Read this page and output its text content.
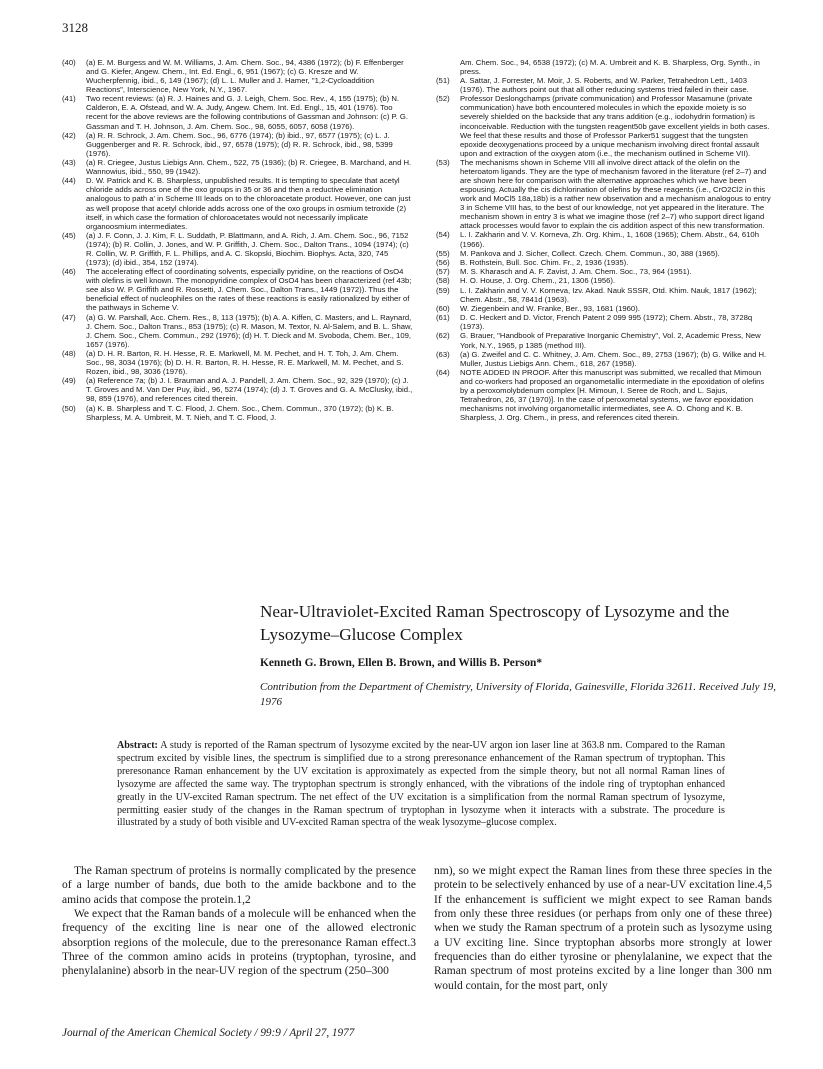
3128
(40) (a) E. M. Burgess and W. M. Williams, J. Am. Chem. Soc., 94, 4386 (1972); (b) F. Effenberger and G. Kiefer, Angew. Chem., Int. Ed. Engl., 6, 951 (1967); (c) G. Kresze and W. Wucherpfennig, ibid., 6, 149 (1967); (d) L. L. Muller and J. Hamer, "1,2-Cycloaddition Reactions", Interscience, New York, N.Y., 1967.
(41) Two recent reviews: (a) R. J. Haines and G. J. Leigh, Chem. Soc. Rev., 4, 155 (1975); (b) N. Calderon, E. A. Ofstead, and W. A. Judy, Angew. Chem. Int. Ed. Engl., 15, 401 (1976). Too recent for the above reviews are the following contributions of Gassman and Johnson: (c) P. G. Gassman and T. H. Johnson, J. Am. Chem. Soc., 98, 6055, 6057, 6058 (1976).
(42) (a) R. R. Schrock, J. Am. Chem. Soc., 96, 6776 (1974); (b) ibid., 97, 6577 (1975); (c) L. J. Guggenberger and R. R. Schrock, ibid., 97, 6578 (1975); (d) R. R. Schrock, ibid., 98, 5399 (1976).
(43) (a) R. Criegee, Justus Liebigs Ann. Chem., 522, 75 (1936); (b) R. Criegee, B. Marchand, and H. Wannowius, ibid., 550, 99 (1942).
(44) D. W. Patrick and K. B. Sharpless, unpublished results. It is tempting to speculate that acetyl chloride adds across one of the oxo groups in 35 or 36 and then a reductive elimination analogous to path a' in Scheme III leads on to the chloroacetate product. However, one can just as well propose that acetyl chloride adds across one of the oxo groups in osmium tetroxide (2) itself, in which case the formation of chloroacetates would not necessarily implicate organoosmium intermediates.
(45) (a) J. F. Conn, J. J. Kim, F. L. Suddath, P. Blattmann, and A. Rich, J. Am. Chem. Soc., 96, 7152 (1974); (b) R. Collin, J. Jones, and W. P. Griffith, J. Chem. Soc., Dalton Trans., 1094 (1974); (c) R. Collin, W. P. Griffith, F. L. Phillips, and A. C. Skopski, Biochim. Biophys. Acta, 320, 745 (1973); (d) ibid., 354, 152 (1974).
(46) The accelerating effect of coordinating solvents, especially pyridine, on the reactions of OsO4 with olefins is well known. The monopyridine complex of OsO4 has been characterized (ref 43b; see also W. P. Griffith and R. Rossetti, J. Chem. Soc., Dalton Trans., 1449 (1972)). Thus the beneficial effect of nucleophiles on the rates of these reactions is easily rationalized by either of the pathways in Scheme V.
(47) (a) G. W. Parshall, Acc. Chem. Res., 8, 113 (1975); (b) A. A. Kiffen, C. Masters, and L. Raynard, J. Chem. Soc., Dalton Trans., 853 (1975); (c) R. Mason, M. Textor, N. Al-Salem, and B. L. Shaw, J. Chem. Soc., Chem. Commun., 292 (1976); (d) H. T. Dieck and M. Svoboda, Chem. Ber., 109, 1657 (1976).
(48) (a) D. H. R. Barton, R. H. Hesse, R. E. Markwell, M. M. Pechet, and H. T. Toh, J. Am. Chem. Soc., 98, 3034 (1976); (b) D. H. R. Barton, R. H. Hesse, R. E. Markwell, M. M. Pechet, and S. Rozen, ibid., 98, 3036 (1976).
(49) (a) Reference 7a; (b) J. I. Brauman and A. J. Pandell, J. Am. Chem. Soc., 92, 329 (1970); (c) J. T. Groves and M. Van Der Puy, ibid., 96, 5274 (1974); (d) J. T. Groves and G. A. McClusky, ibid., 98, 859 (1976), and references cited therein.
(50) (a) K. B. Sharpless and T. C. Flood, J. Chem. Soc., Chem. Commun., 370 (1972); (b) K. B. Sharpless, M. A. Umbreit, M. T. Nieh, and T. C. Flood, J.
Am. Chem. Soc., 94, 6538 (1972); (c) M. A. Umbreit and K. B. Sharpless, Org. Synth., in press.
(51) A. Sattar, J. Forrester, M. Moir, J. S. Roberts, and W. Parker, Tetrahedron Lett., 1403 (1976). The authors point out that all other reducing systems tried failed in their case.
(52) Professor Deslongchamps (private communication) and Professor Masamune (private communication) have both encountered molecules in which the epoxide moiety is so severely shielded on the backside that any trans addition (e.g., iodohydrin formation) is inconceivable. Reduction with the tungsten reagent50b gave excellent yields in both cases. We feel that these results and those of Professor Parker51 suggest that the tungsten epoxide deoxygenations proceed by a unique mechanism involving direct frontal assault upon and extraction of the oxygen atom (i.e., the mechanism outlined in Scheme VII).
(53) The mechanisms shown in Scheme VIII all involve direct attack of the olefin on the heteroatom ligands. They are the type of mechanism favored in the literature (ref 2–7) and are shown here for comparison with the alternative approaches which we have been espousing. Actually the cis dichlorination of olefins by these reagents (i.e., CrO2Cl2 in this work and MoCl5 18a,18b) is a rather new observation and a mechanism analogous to entry 3 in Scheme VIII has, to the best of our knowledge, not yet appeared in the literature. The mechanism shown in entry 3 is what we imagine those (ref 2–7) who support direct ligand attack processes would favor to explain the cis addition aspect of this new transformation.
(54) L. I. Zakharin and V. V. Korneva, Zh. Org. Khim., 1, 1608 (1965); Chem. Abstr., 64, 610h (1966).
(55) M. Pankova and J. Sicher, Collect. Czech. Chem. Commun., 30, 388 (1965).
(56) B. Rothstein, Bull. Soc. Chim. Fr., 2, 1936 (1935).
(57) M. S. Kharasch and A. F. Zavist, J. Am. Chem. Soc., 73, 964 (1951).
(58) H. O. House, J. Org. Chem., 21, 1306 (1956).
(59) L. I. Zakharin and V. V. Korneva, Izv. Akad. Nauk SSSR, Otd. Khim. Nauk, 1817 (1962); Chem. Abstr., 58, 7841d (1963).
(60) W. Ziegenbein and W. Franke, Ber., 93, 1681 (1960).
(61) D. C. Heckert and D. Victor, French Patent 2 099 995 (1972); Chem. Abstr., 78, 3728q (1973).
(62) G. Brauer, "Handbook of Preparative Inorganic Chemistry", Vol. 2, Academic Press, New York, N.Y., 1965, p 1385 (method III).
(63) (a) G. Zweifel and C. C. Whitney, J. Am. Chem. Soc., 89, 2753 (1967); (b) G. Wilke and H. Muller, Justus Liebigs Ann. Chem., 618, 267 (1958).
(64) NOTE ADDED IN PROOF. After this manuscript was submitted, we recalled that Mimoun and co-workers had proposed an organometallic intermediate in the epoxidation of olefins by a peroxomolybdenum complex [H. Mimoun, I. Seree de Roch, and L. Sajus, Tetrahedron, 26, 37 (1970)]. In the case of peroxometal systems, we favor epoxidation mechanisms not involving organometallic intermediates, see A. O. Chong and K. B. Sharpless, J. Org. Chem., in press, and references cited therein.
Near-Ultraviolet-Excited Raman Spectroscopy of Lysozyme and the Lysozyme–Glucose Complex
Kenneth G. Brown, Ellen B. Brown, and Willis B. Person*
Contribution from the Department of Chemistry, University of Florida, Gainesville, Florida 32611. Received July 19, 1976
Abstract: A study is reported of the Raman spectrum of lysozyme excited by the near-UV argon ion laser line at 363.8 nm. Compared to the Raman spectrum excited by visible lines, the spectrum is simplified due to a strong preresonance enhancement of the Raman spectrum of tryptophan. This preresonance Raman enhancement by the UV excitation is approximately as expected from the simple theory, but not all normal Raman lines of lysozyme are affected the same way. The tryptophan spectrum is strongly enhanced, with the vibrations of the indole ring of tryptophan enhanced greatly in the UV-excited Raman spectrum. The net effect of the UV excitation is a simplification from the normal Raman spectrum of lysozyme, permitting easier study of the changes in the Raman spectrum of tryptophan in lysozyme when it interacts with a substrate. The procedure is illustrated by a study of both visible and UV-excited Raman spectra of the weak lysozyme–glucose complex.

The Raman spectrum of proteins is normally complicated by the presence of a large number of bands, due both to the amide backbone and to the amino acids that compose the protein.1,2

We expect that the Raman bands of a molecule will be enhanced when the frequency of the exciting line is near one of the allowed electronic absorption regions of the molecule, due to the preresonance Raman effect.3 Three of the common amino acids in proteins (tryptophan, tyrosine, and phenylalanine) absorb in the near-UV region of the spectrum (250–300

nm), so we might expect the Raman lines from these three species in the protein to be selectively enhanced by use of a near-UV excitation line.4,5 If the enhancement is sufficient we might expect to see Raman bands from only these three residues (or perhaps from only one of these three) when we study the Raman spectrum of a protein such as lysozyme using a UV exciting line. Since tryptophan absorbs more strongly at lower frequencies than do either tyrosine or phenylalanine, we expect that the Raman spectrum of most proteins excited by a line longer than 300 nm would contain, for the most part, only

Journal of the American Chemical Society / 99:9 / April 27, 1977
